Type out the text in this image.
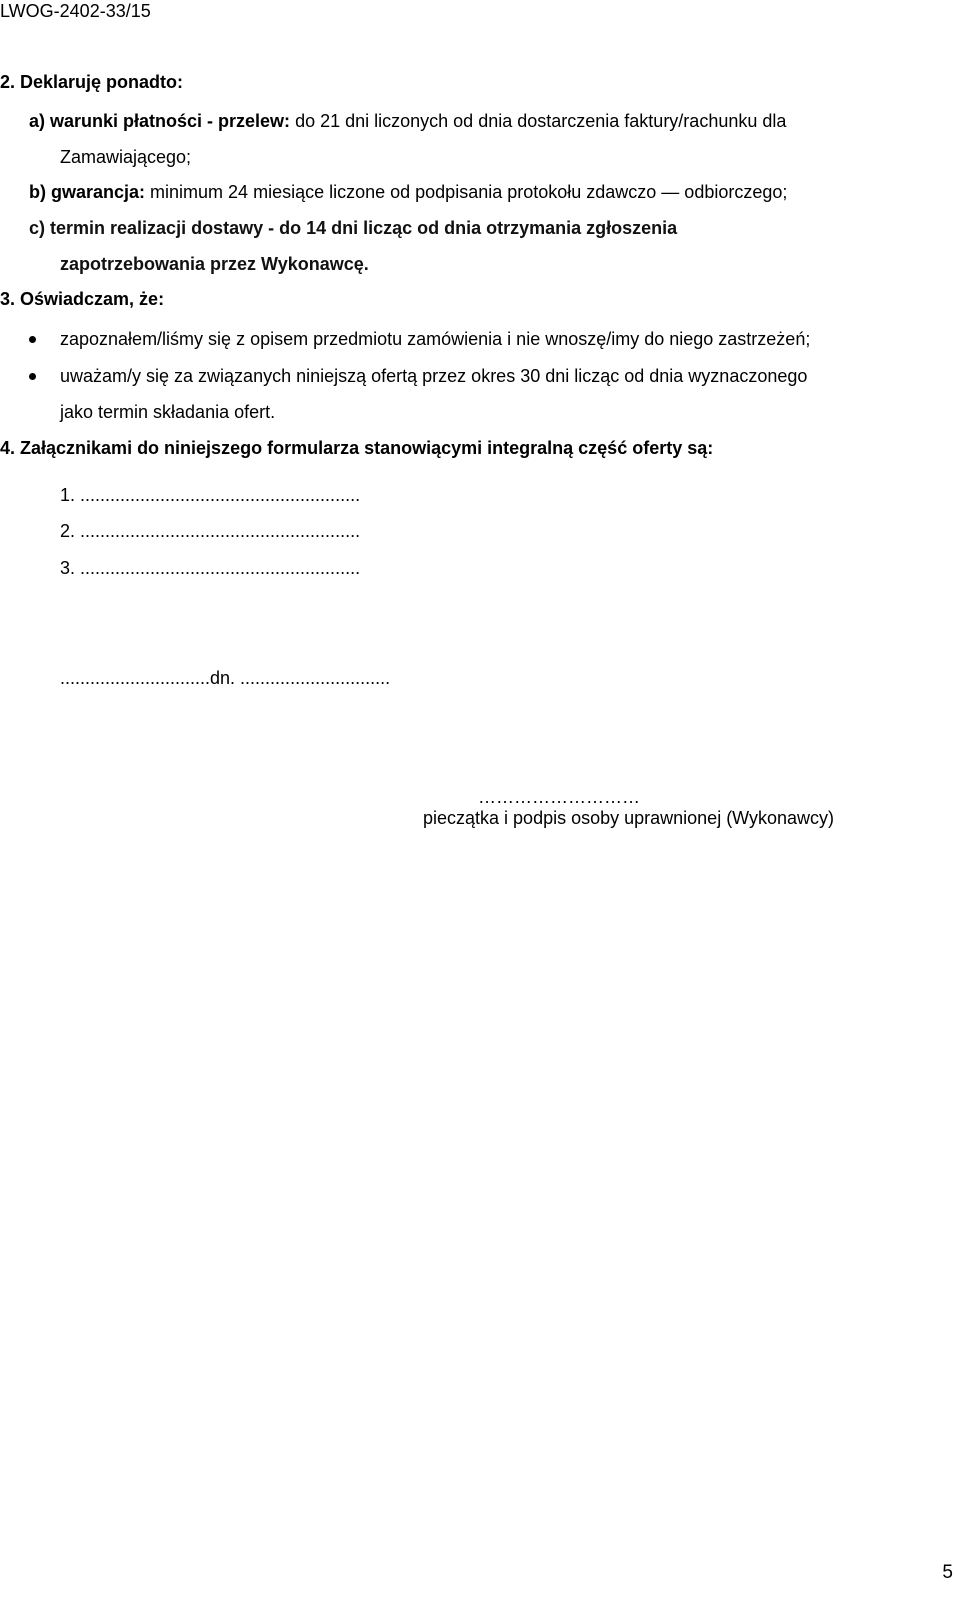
LWOG-2402-33/15
2. Deklaruję ponadto:
a) warunki płatności - przelew: do 21 dni liczonych od dnia dostarczenia faktury/rachunku dla
Zamawiającego;
b) gwarancja: minimum 24 miesiące liczone od podpisania protokołu zdawczo — odbiorczego;
c) termin realizacji dostawy - do 14 dni licząc od dnia otrzymania zgłoszenia
zapotrzebowania przez Wykonawcę.
3. Oświadczam, że:
zapoznałem/liśmy się z opisem przedmiotu zamówienia i nie wnoszę/imy do niego zastrzeżeń;
uważam/y się za związanych niniejszą ofertą przez okres 30 dni licząc od dnia wyznaczonego
jako termin składania ofert.
4. Załącznikami do niniejszego formularza stanowiącymi integralną część oferty są:
1. ........................................................
2. ........................................................
3. ........................................................
..............................dn. ..............................
………………………
pieczątka i podpis osoby uprawnionej (Wykonawcy)
5
